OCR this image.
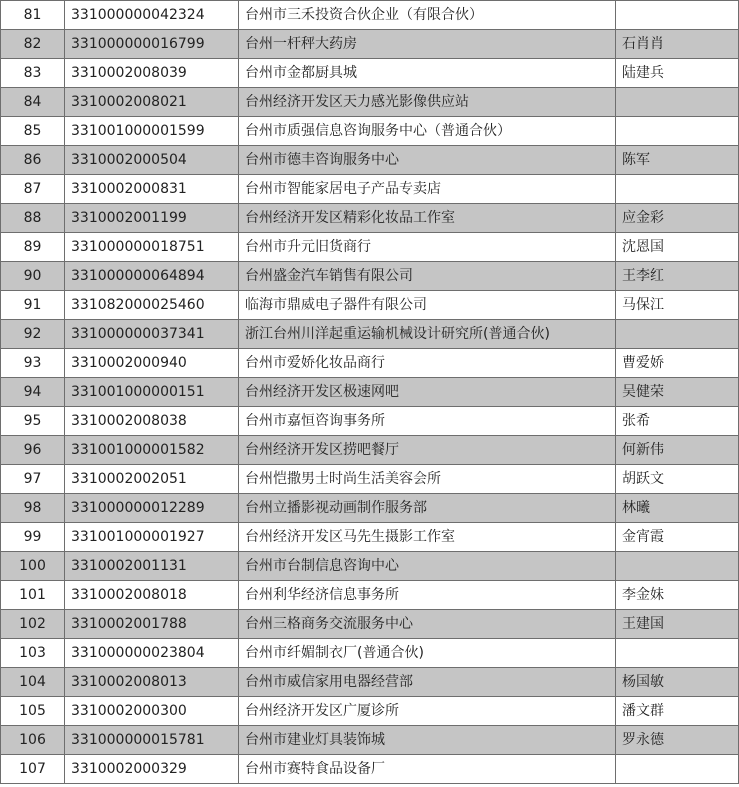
81	331000000042324	台州市三禾投资合伙企业（有限合伙）	
82	331000000016799	台州一杆秤大药房	石肖肖
83	3310002008039	台州市金都厨具城	陆建兵
84	3310002008021	台州经济开发区天力感光影像供应站	
85	331001000001599	台州市质强信息咨询服务中心（普通合伙）	
86	3310002000504	台州市德丰咨询服务中心	陈军
87	3310002000831	台州市智能家居电子产品专卖店	
88	3310002001199	台州经济开发区精彩化妆品工作室	应金彩
89	331000000018751	台州市升元旧货商行	沈恩国
90	331000000064894	台州盛金汽车销售有限公司	王李红
91	331082000025460	临海市鼎威电子器件有限公司	马保江
92	331000000037341	浙江台州川洋起重运输机械设计研究所(普通合伙)	
93	3310002000940	台州市爱娇化妆品商行	曹爱娇
94	331001000000151	台州经济开发区极速网吧	吴健荣
95	3310002008038	台州市嘉恒咨询事务所	张希
96	331001000001582	台州经济开发区捞吧餐厅	何新伟
97	3310002002051	台州恺撒男士时尚生活美容会所	胡跃文
98	331000000012289	台州立播影视动画制作服务部	林曦
99	331001000001927	台州经济开发区马先生摄影工作室	金宵霞
100	3310002001131	台州市台制信息咨询中心	
101	3310002008018	台州利华经济信息事务所	李金妹
102	3310002001788	台州三格商务交流服务中心	王建国
103	331000000023804	台州市纤媚制衣厂(普通合伙)	
104	3310002008013	台州市威信家用电器经营部	杨国敏
105	3310002000300	台州经济开发区广厦诊所	潘文群
106	331000000015781	台州市建业灯具装饰城	罗永德
107	3310002000329	台州市赛特食品设备厂	
